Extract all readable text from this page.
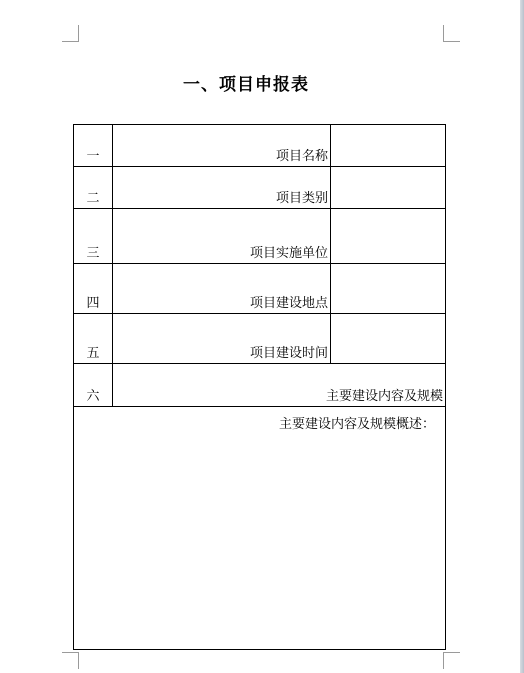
一、项目申报表
一	项目名称	
二	项目类别	
三	项目实施单位	
四	项目建设地点	
五	项目建设时间	
六	主要建设内容及规模	
主要建设内容及规模概述：		
